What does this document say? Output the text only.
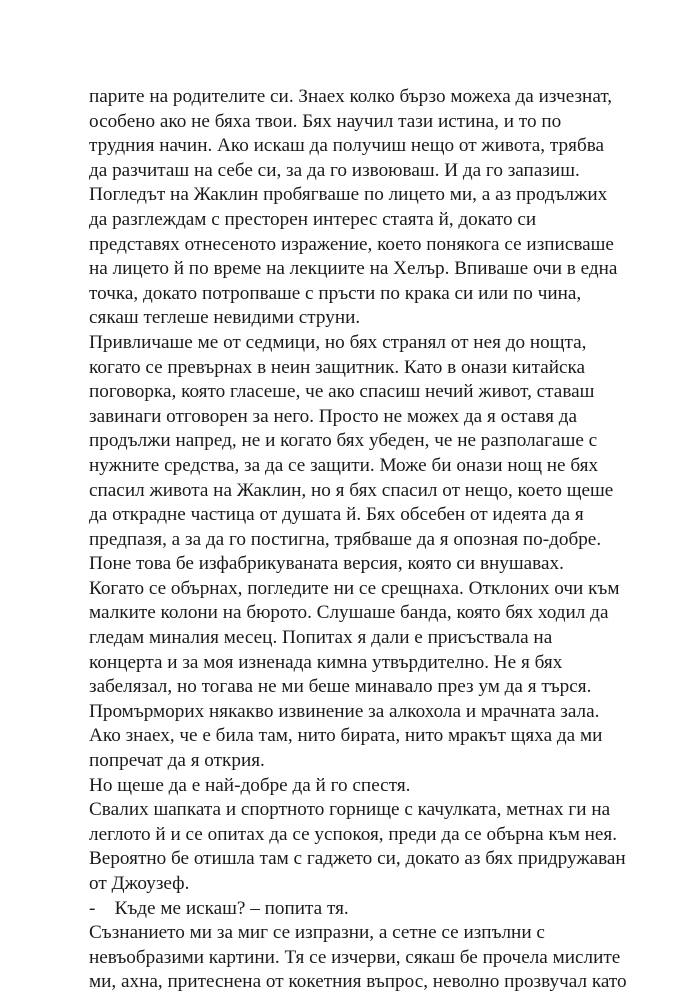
парите на родителите си. Знаех колко бързо можеха да изчезнат,
особено ако не бяха твои. Бях научил тази истина, и то по
трудния начин. Ако искаш да получиш нещо от живота, трябва
да разчиташ на себе си, за да го извоюваш. И да го запазиш.
Погледът на Жаклин пробягваше по лицето ми, а аз продължих
да разглеждам с престорен интерес стаята й, докато си
представях отнесеното изражение, което понякога се изписваше
на лицето й по време на лекциите на Хелър. Впиваше очи в една
точка, докато потропваше с пръсти по крака си или по чина,
сякаш теглеше невидими струни.
Привличаше ме от седмици, но бях странял от нея до нощта,
когато се превърнах в неин защитник. Като в онази китайска
поговорка, която гласеше, че ако спасиш нечий живот, ставаш
завинаги отговорен за него. Просто не можех да я оставя да
продължи напред, не и когато бях убеден, че не разполагаше с
нужните средства, за да се защити. Може би онази нощ не бях
спасил живота на Жаклин, но я бях спасил от нещо, което щеше
да открадне частица от душата й. Бях обсебен от идеята да я
предпазя, а за да го постигна, трябваше да я опозная по-добре.
Поне това бе изфабрикуваната версия, която си внушавах.
Когато се обърнах, погледите ни се срещнаха. Отклоних очи към
малките колони на бюрото. Слушаше банда, която бях ходил да
гледам миналия месец. Попитах я дали е присъствала на
концерта и за моя изненада кимна утвърдително. Не я бях
забелязал, но тогава не ми беше минавало през ум да я търся.
Промърморих някакво извинение за алкохола и мрачната зала.
Ако знаех, че е била там, нито бирата, нито мракът щяха да ми
попречат да я открия.
Но щеше да е най-добре да й го спестя.
Свалих шапката и спортното горнище с качулката, метнах ги на
леглото й и се опитах да се успокоя, преди да се обърна към нея.
Вероятно бе отишла там с гаджето си, докато аз бях придружаван
от Джоузеф.
-    Къде ме искаш? – попита тя.
Съзнанието ми за миг се изпразни, а сетне се изпълни с
невъобразими картини. Тя се изчерви, сякаш бе прочела мислите
ми, ахна, притеснена от кокетния въпрос, неволно прозвучал като
